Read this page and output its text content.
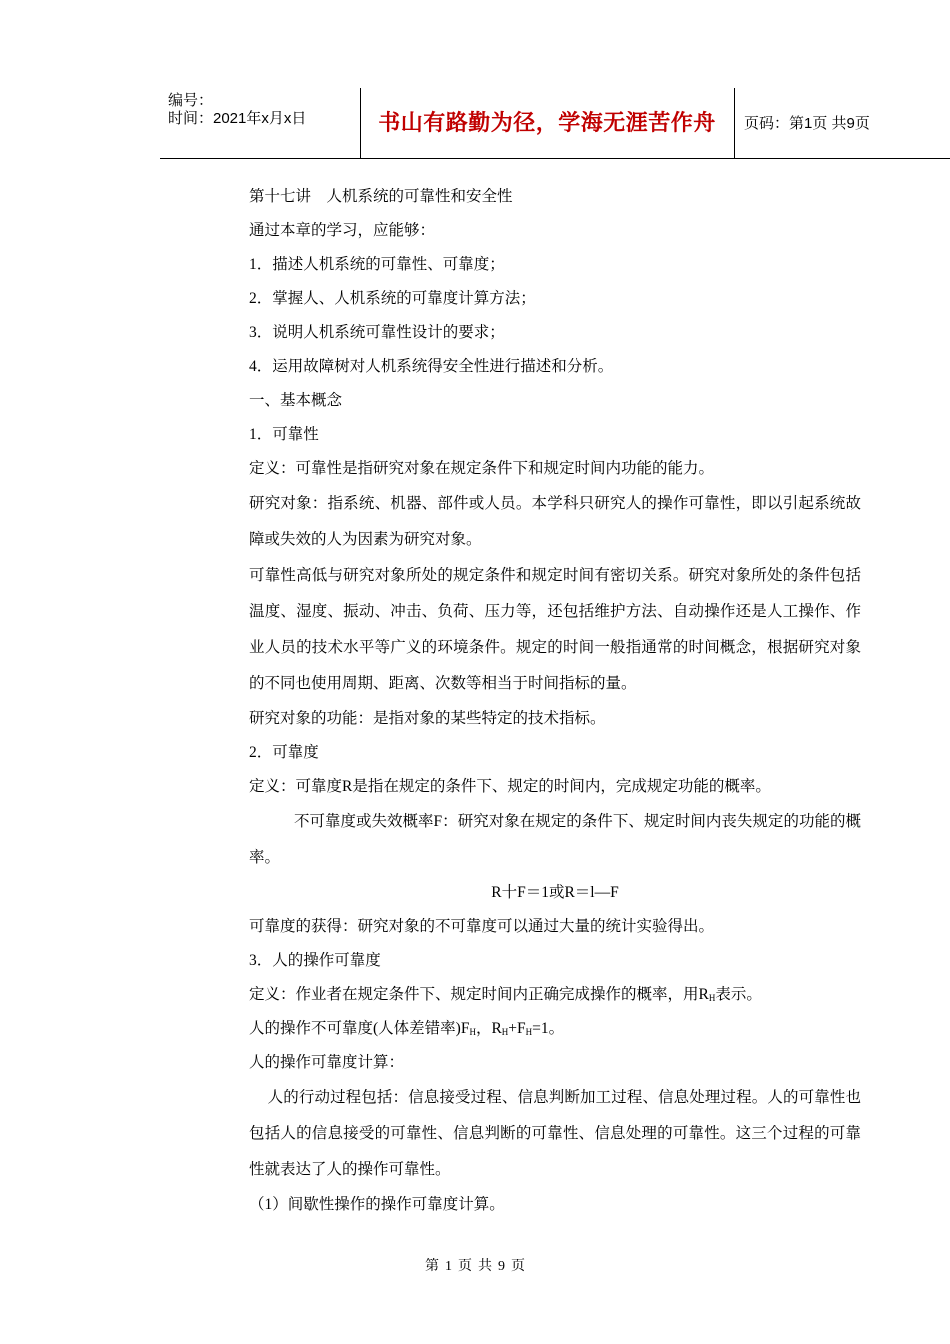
编号：
时间：2021年x月x日	书山有路勤为径，学海无涯苦作舟	页码：第1页 共9页

第十七讲　人机系统的可靠性和安全性

通过本章的学习，应能够：

1．描述人机系统的可靠性、可靠度；

2．掌握人、人机系统的可靠度计算方法；

3．说明人机系统可靠性设计的要求；

4．运用故障树对人机系统得安全性进行描述和分析。

一、基本概念

1．可靠性

定义：可靠性是指研究对象在规定条件下和规定时间内功能的能力。

研究对象：指系统、机器、部件或人员。本学科只研究人的操作可靠性，即以引起系统故障或失效的人为因素为研究对象。

可靠性高低与研究对象所处的规定条件和规定时间有密切关系。研究对象所处的条件包括温度、湿度、振动、冲击、负荷、压力等，还包括维护方法、自动操作还是人工操作、作业人员的技术水平等广义的环境条件。规定的时间一般指通常的时间概念，根据研究对象的不同也使用周期、距离、次数等相当于时间指标的量。

研究对象的功能：是指对象的某些特定的技术指标。

2．可靠度

定义：可靠度R是指在规定的条件下、规定的时间内，完成规定功能的概率。

不可靠度或失效概率F：研究对象在规定的条件下、规定时间内丧失规定的功能的概率。

R十F＝1或R＝l—F

可靠度的获得：研究对象的不可靠度可以通过大量的统计实验得出。

3．人的操作可靠度

定义：作业者在规定条件下、规定时间内正确完成操作的概率，用$R_H$表示。

人的操作不可靠度(人体差错率)$F_H$，$R_H+F_H=1$。

人的操作可靠度计算：

人的行动过程包括：信息接受过程、信息判断加工过程、信息处理过程。人的可靠性也包括人的信息接受的可靠性、信息判断的可靠性、信息处理的可靠性。这三个过程的可靠性就表达了人的操作可靠性。

（1）间歇性操作的操作可靠度计算。

第 1 页 共 9 页
